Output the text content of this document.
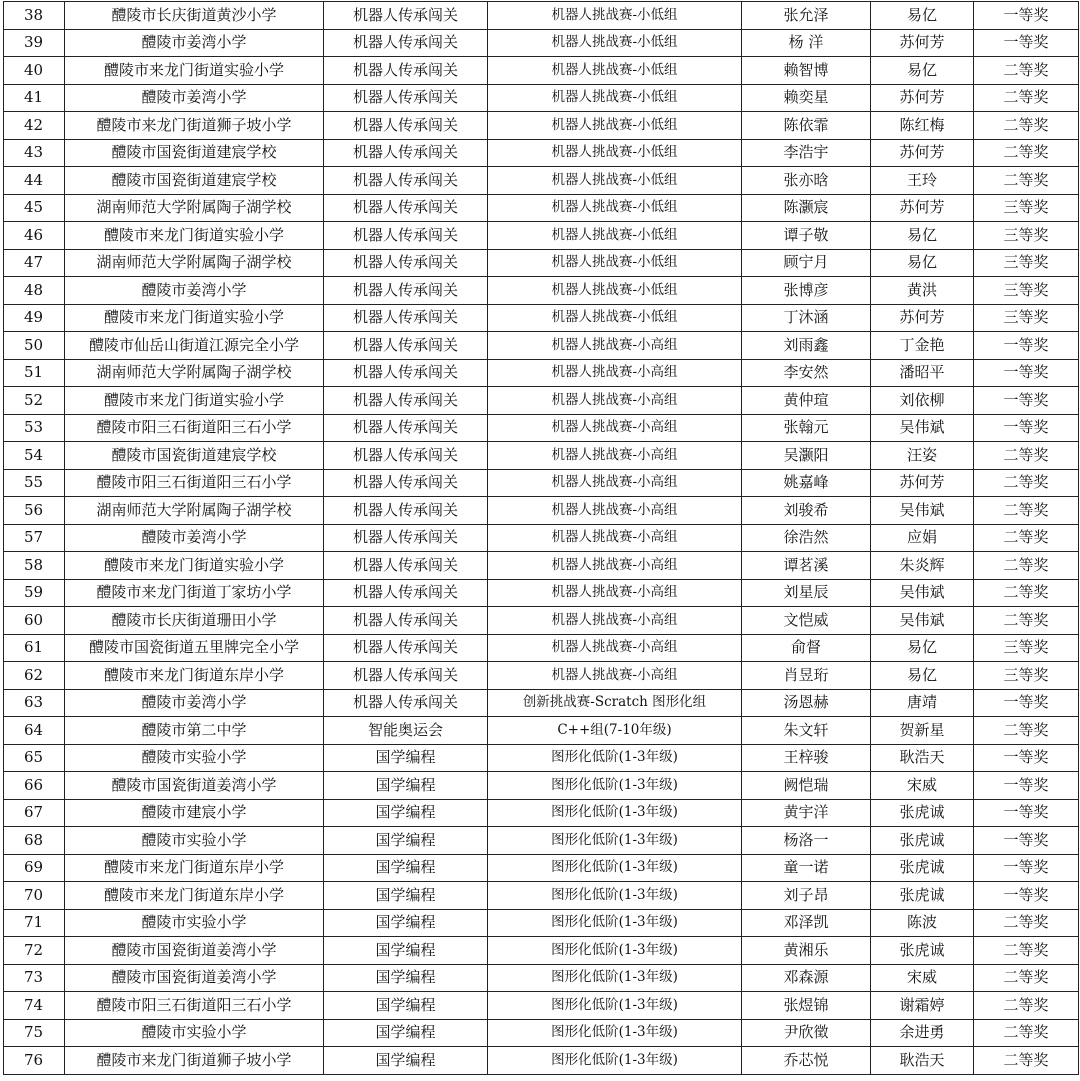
38	醴陵市长庆街道黄沙小学	机器人传承闯关	机器人挑战赛-小低组	张允泽	易亿	一等奖
39	醴陵市姜湾小学	机器人传承闯关	机器人挑战赛-小低组	杨 洋	苏何芳	一等奖
40	醴陵市来龙门街道实验小学	机器人传承闯关	机器人挑战赛-小低组	赖智博	易亿	二等奖
41	醴陵市姜湾小学	机器人传承闯关	机器人挑战赛-小低组	赖奕星	苏何芳	二等奖
42	醴陵市来龙门街道狮子坡小学	机器人传承闯关	机器人挑战赛-小低组	陈依霏	陈红梅	二等奖
43	醴陵市国瓷街道建宸学校	机器人传承闯关	机器人挑战赛-小低组	李浩宇	苏何芳	二等奖
44	醴陵市国瓷街道建宸学校	机器人传承闯关	机器人挑战赛-小低组	张亦晗	王玲	二等奖
45	湖南师范大学附属陶子湖学校	机器人传承闯关	机器人挑战赛-小低组	陈灏宸	苏何芳	三等奖
46	醴陵市来龙门街道实验小学	机器人传承闯关	机器人挑战赛-小低组	谭子敬	易亿	三等奖
47	湖南师范大学附属陶子湖学校	机器人传承闯关	机器人挑战赛-小低组	顾宁月	易亿	三等奖
48	醴陵市姜湾小学	机器人传承闯关	机器人挑战赛-小低组	张博彦	黄洪	三等奖
49	醴陵市来龙门街道实验小学	机器人传承闯关	机器人挑战赛-小低组	丁沐涵	苏何芳	三等奖
50	醴陵市仙岳山街道江源完全小学	机器人传承闯关	机器人挑战赛-小高组	刘雨鑫	丁金艳	一等奖
51	湖南师范大学附属陶子湖学校	机器人传承闯关	机器人挑战赛-小高组	李安然	潘昭平	一等奖
52	醴陵市来龙门街道实验小学	机器人传承闯关	机器人挑战赛-小高组	黄仲瑄	刘依柳	一等奖
53	醴陵市阳三石街道阳三石小学	机器人传承闯关	机器人挑战赛-小高组	张翰元	吴伟斌	一等奖
54	醴陵市国瓷街道建宸学校	机器人传承闯关	机器人挑战赛-小高组	吴灏阳	汪姿	二等奖
55	醴陵市阳三石街道阳三石小学	机器人传承闯关	机器人挑战赛-小高组	姚嘉峰	苏何芳	二等奖
56	湖南师范大学附属陶子湖学校	机器人传承闯关	机器人挑战赛-小高组	刘骏希	吴伟斌	二等奖
57	醴陵市姜湾小学	机器人传承闯关	机器人挑战赛-小高组	徐浩然	应娟	二等奖
58	醴陵市来龙门街道实验小学	机器人传承闯关	机器人挑战赛-小高组	谭茗溪	朱炎辉	二等奖
59	醴陵市来龙门街道丁家坊小学	机器人传承闯关	机器人挑战赛-小高组	刘星辰	吴伟斌	二等奖
60	醴陵市长庆街道珊田小学	机器人传承闯关	机器人挑战赛-小高组	文恺威	吴伟斌	二等奖
61	醴陵市国瓷街道五里牌完全小学	机器人传承闯关	机器人挑战赛-小高组	俞督	易亿	三等奖
62	醴陵市来龙门街道东岸小学	机器人传承闯关	机器人挑战赛-小高组	肖昱珩	易亿	三等奖
63	醴陵市姜湾小学	机器人传承闯关	创新挑战赛-Scratch 图形化组	汤恩赫	唐靖	一等奖
64	醴陵市第二中学	智能奥运会	C++组(7-10年级)	朱文轩	贺新星	二等奖
65	醴陵市实验小学	国学编程	图形化低阶(1-3年级)	王梓骏	耿浩天	一等奖
66	醴陵市国瓷街道姜湾小学	国学编程	图形化低阶(1-3年级)	阙恺瑞	宋威	一等奖
67	醴陵市建宸小学	国学编程	图形化低阶(1-3年级)	黄宇洋	张虎诚	一等奖
68	醴陵市实验小学	国学编程	图形化低阶(1-3年级)	杨洛一	张虎诚	一等奖
69	醴陵市来龙门街道东岸小学	国学编程	图形化低阶(1-3年级)	童一诺	张虎诚	一等奖
70	醴陵市来龙门街道东岸小学	国学编程	图形化低阶(1-3年级)	刘子昂	张虎诚	一等奖
71	醴陵市实验小学	国学编程	图形化低阶(1-3年级)	邓泽凯	陈波	二等奖
72	醴陵市国瓷街道姜湾小学	国学编程	图形化低阶(1-3年级)	黄湘乐	张虎诚	二等奖
73	醴陵市国瓷街道姜湾小学	国学编程	图形化低阶(1-3年级)	邓森源	宋威	二等奖
74	醴陵市阳三石街道阳三石小学	国学编程	图形化低阶(1-3年级)	张煜锦	谢霜婷	二等奖
75	醴陵市实验小学	国学编程	图形化低阶(1-3年级)	尹欣徵	余进勇	二等奖
76	醴陵市来龙门街道狮子坡小学	国学编程	图形化低阶(1-3年级)	乔芯悦	耿浩天	二等奖
